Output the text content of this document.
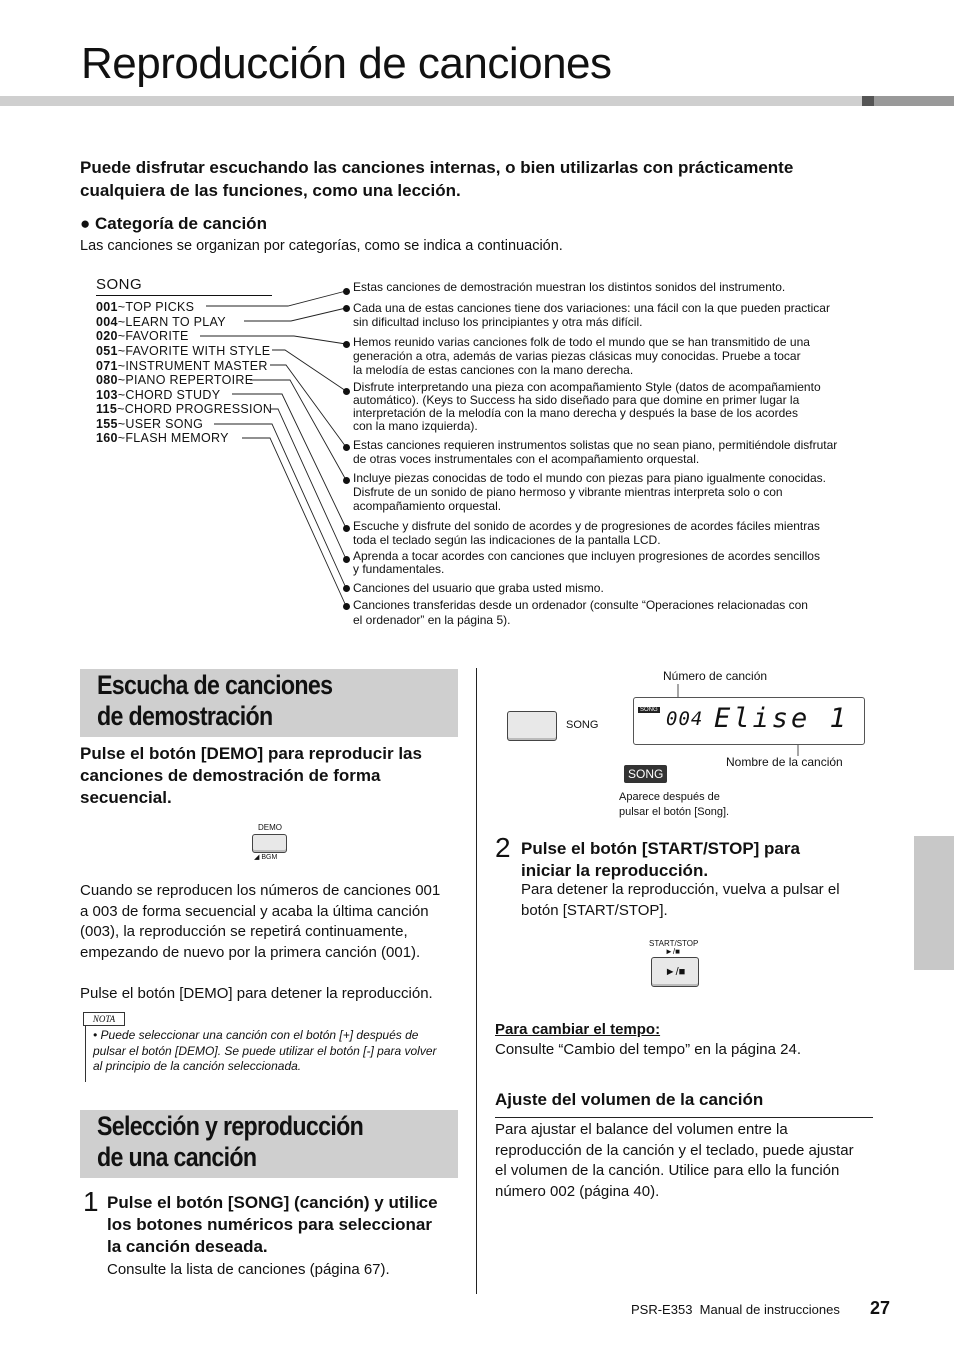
Reproducción de canciones
Puede disfrutar escuchando las canciones internas, o bien utilizarlas con prácticamente cualquiera de las funciones, como una lección.
● Categoría de canción
Las canciones se organizan por categorías, como se indica a continuación.
SONG
001~TOP PICKS
004~LEARN TO PLAY
020~FAVORITE
051~FAVORITE WITH STYLE
071~INSTRUMENT MASTER
080~PIANO REPERTOIRE
103~CHORD STUDY
115~CHORD PROGRESSION
155~USER SONG
160~FLASH MEMORY
Estas canciones de demostración muestran los distintos sonidos del instrumento.
Cada una de estas canciones tiene dos variaciones: una fácil con la que pueden practicar
sin dificultad incluso los principiantes y otra más difícil.
Hemos reunido varias canciones folk de todo el mundo que se han transmitido de una
generación a otra, además de varias piezas clásicas muy conocidas. Pruebe a tocar
la melodía de estas canciones con la mano derecha.
Disfrute interpretando una pieza con acompañamiento Style (datos de acompañamiento
automático). (Keys to Success ha sido diseñado para que domine en primer lugar la
interpretación de la melodía con la mano derecha y después la base de los acordes
con la mano izquierda).
Estas canciones requieren instrumentos solistas que no sean piano, permitiéndole disfrutar
de otras voces instrumentales con el acompañamiento orquestal.
Incluye piezas conocidas de todo el mundo con piezas para piano igualmente conocidas.
Disfrute de un sonido de piano hermoso y vibrante mientras interpreta solo o con
acompañamiento orquestal.
Escuche y disfrute del sonido de acordes y de progresiones de acordes fáciles mientras
toda el teclado según las indicaciones de la pantalla LCD.
Aprenda a tocar acordes con canciones que incluyen progresiones de acordes sencillos
y fundamentales.
Canciones del usuario que graba usted mismo.
Canciones transferidas desde un ordenador (consulte “Operaciones relacionadas con
el ordenador” en la página 5).
Escucha de canciones
de demostración
Pulse el botón [DEMO] para reproducir las canciones de demostración de forma secuencial.
DEMO
◢ BGM
Cuando se reproducen los números de canciones 001 a 003 de forma secuencial y acaba la última canción (003), la reproducción se repetirá continuamente, empezando de nuevo por la primera canción (001).
Pulse el botón [DEMO] para detener la reproducción.
NOTA
• Puede seleccionar una canción con el botón [+] después de pulsar el botón [DEMO]. Se puede utilizar el botón [-] para volver al principio de la canción seleccionada.
Selección y reproducción
de una canción
1 Pulse el botón [SONG] (canción) y utilice los botones numéricos para seleccionar la canción deseada.
Consulte la lista de canciones (página 67).
SONG
Número de canción
SONG 004 Elise 1
Nombre de la canción
SONG
Aparece después de
pulsar el botón [Song].
2 Pulse el botón [START/STOP] para iniciar la reproducción.
Para detener la reproducción, vuelva a pulsar el botón [START/STOP].
START/STOP
►/■
►/■
Para cambiar el tempo:
Consulte “Cambio del tempo” en la página 24.
Ajuste del volumen de la canción
Para ajustar el balance del volumen entre la reproducción de la canción y el teclado, puede ajustar el volumen de la canción. Utilice para ello la función número 002 (página 40).
PSR-E353  Manual de instrucciones 27
